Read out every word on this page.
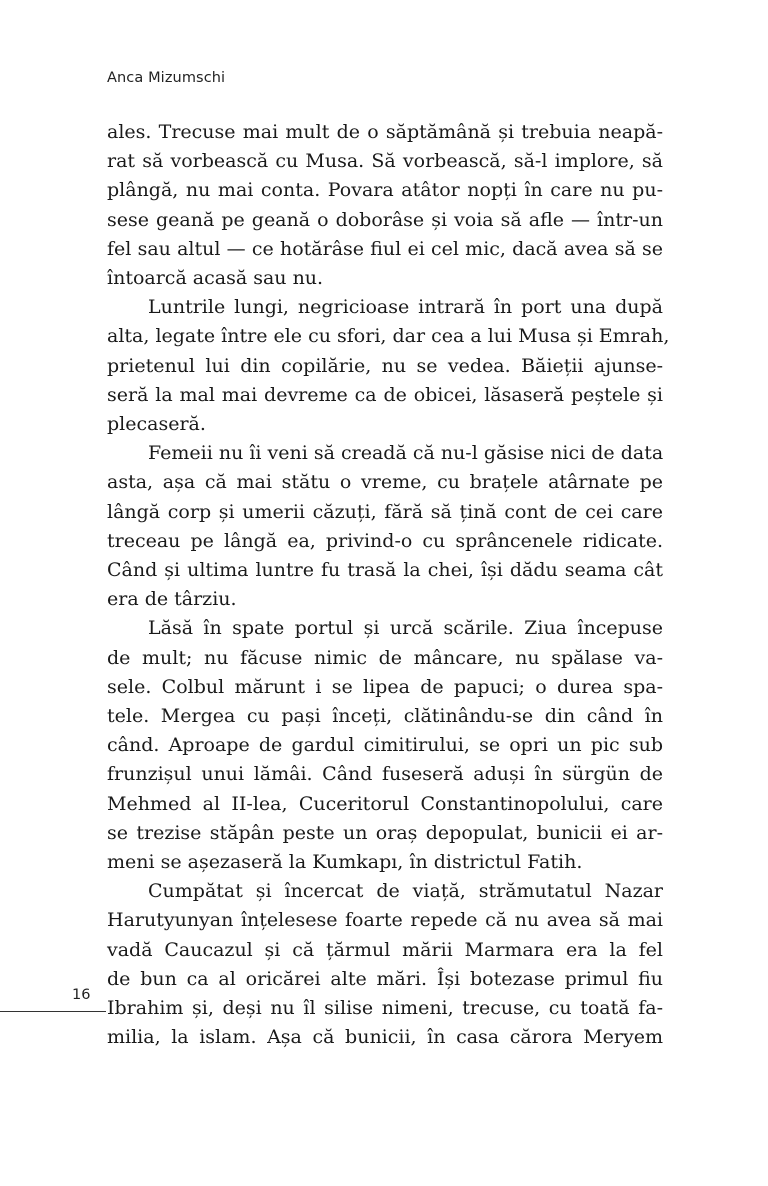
Anca Mizumschi
ales. Trecuse mai mult de o săptămână și trebuia neapă-
rat să vorbească cu Musa. Să vorbească, să-l implore, să
plângă, nu mai conta. Povara atâtor nopți în care nu pu-
sese geană pe geană o doborâse și voia să afle — într-un
fel sau altul — ce hotărâse fiul ei cel mic, dacă avea să se
întoarcă acasă sau nu.
Luntrile lungi, negricioase intrară în port una după
alta, legate între ele cu sfori, dar cea a lui Musa și Emrah,
prietenul lui din copilărie, nu se vedea. Băieții ajunse-
seră la mal mai devreme ca de obicei, lăsaseră peștele și
plecaseră.
Femeii nu îi veni să creadă că nu-l găsise nici de data
asta, așa că mai stătu o vreme, cu brațele atârnate pe
lângă corp și umerii căzuți, fără să țină cont de cei care
treceau pe lângă ea, privind-o cu sprâncenele ridicate.
Când și ultima luntre fu trasă la chei, își dădu seama cât
era de târziu.
Lăsă în spate portul și urcă scările. Ziua începuse
de mult; nu făcuse nimic de mâncare, nu spălase va-
sele. Colbul mărunt i se lipea de papuci; o durea spa-
tele. Mergea cu pași înceți, clătinându-se din când în
când. Aproape de gardul cimitirului, se opri un pic sub
frunzișul unui lămâi. Când fuseseră aduși în sürgün de
Mehmed al II-lea, Cuceritorul Constantinopolului, care
se trezise stăpân peste un oraș depopulat, bunicii ei ar-
meni se așezaseră la Kumkapı, în districtul Fatih.
Cumpătat și încercat de viață, strămutatul Nazar
Harutyunyan înțelesese foarte repede că nu avea să mai
vadă Caucazul și că țărmul mării Marmara era la fel
de bun ca al oricărei alte mări. Își botezase primul fiu
Ibrahim și, deși nu îl silise nimeni, trecuse, cu toată fa-
milia, la islam. Așa că bunicii, în casa cărora Meryem
16
